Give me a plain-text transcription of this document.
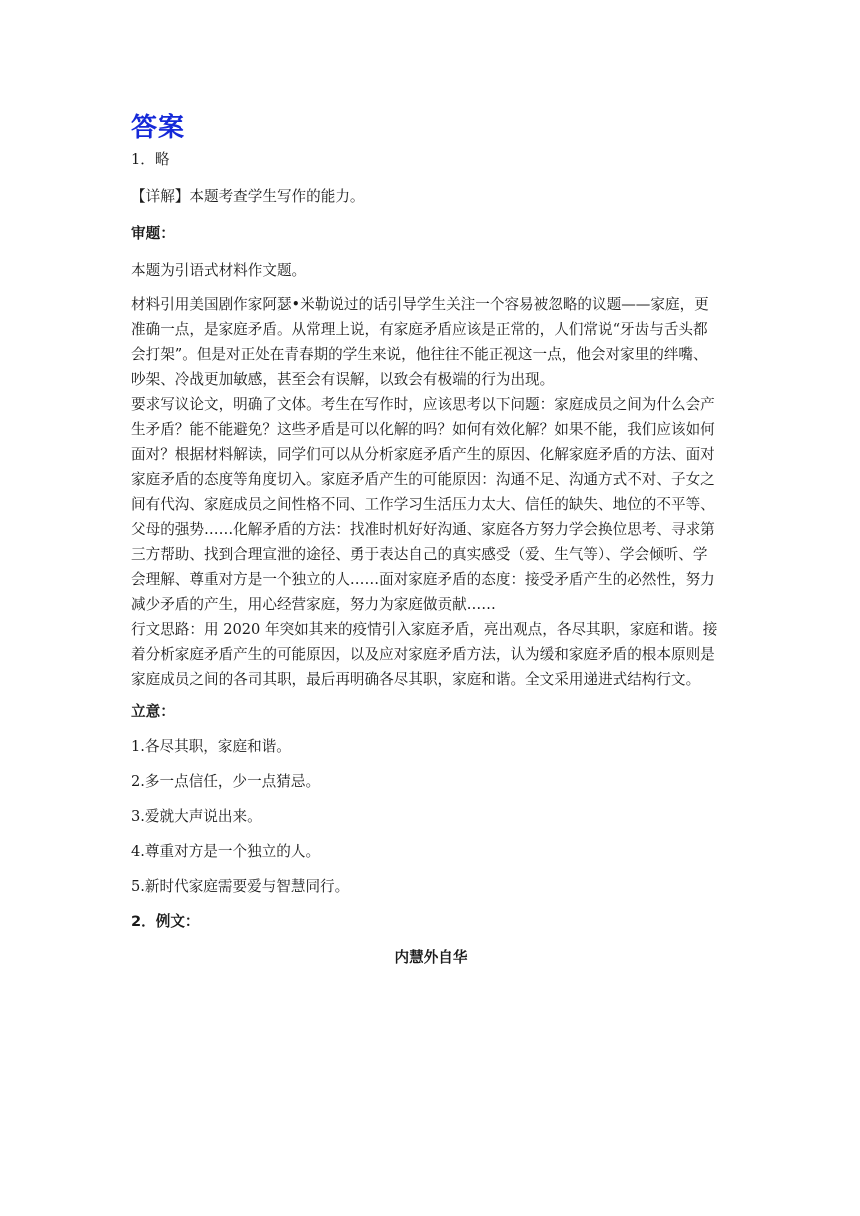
答案
1．略
【详解】本题考查学生写作的能力。
审题：
本题为引语式材料作文题。
材料引用美国剧作家阿瑟•米勒说过的话引导学生关注一个容易被忽略的议题——家庭，更
准确一点，是家庭矛盾。从常理上说，有家庭矛盾应该是正常的，人们常说“牙齿与舌头都
会打架”。但是对正处在青春期的学生来说，他往往不能正视这一点，他会对家里的绊嘴、
吵架、冷战更加敏感，甚至会有误解，以致会有极端的行为出现。
要求写议论文，明确了文体。考生在写作时，应该思考以下问题：家庭成员之间为什么会产
生矛盾？能不能避免？这些矛盾是可以化解的吗？如何有效化解？如果不能，我们应该如何
面对？根据材料解读，同学们可以从分析家庭矛盾产生的原因、化解家庭矛盾的方法、面对
家庭矛盾的态度等角度切入。家庭矛盾产生的可能原因：沟通不足、沟通方式不对、子女之
间有代沟、家庭成员之间性格不同、工作学习生活压力太大、信任的缺失、地位的不平等、
父母的强势……化解矛盾的方法：找准时机好好沟通、家庭各方努力学会换位思考、寻求第
三方帮助、找到合理宣泄的途径、勇于表达自己的真实感受（爱、生气等）、学会倾听、学
会理解、尊重对方是一个独立的人……面对家庭矛盾的态度：接受矛盾产生的必然性，努力
减少矛盾的产生，用心经营家庭，努力为家庭做贡献……
行文思路：用 2020 年突如其来的疫情引入家庭矛盾，亮出观点，各尽其职，家庭和谐。接
着分析家庭矛盾产生的可能原因，以及应对家庭矛盾方法，认为缓和家庭矛盾的根本原则是
家庭成员之间的各司其职，最后再明确各尽其职，家庭和谐。全文采用递进式结构行文。
立意：
1.各尽其职，家庭和谐。
2.多一点信任，少一点猜忌。
3.爱就大声说出来。
4.尊重对方是一个独立的人。
5.新时代家庭需要爱与智慧同行。
2．例文：
内慧外自华
